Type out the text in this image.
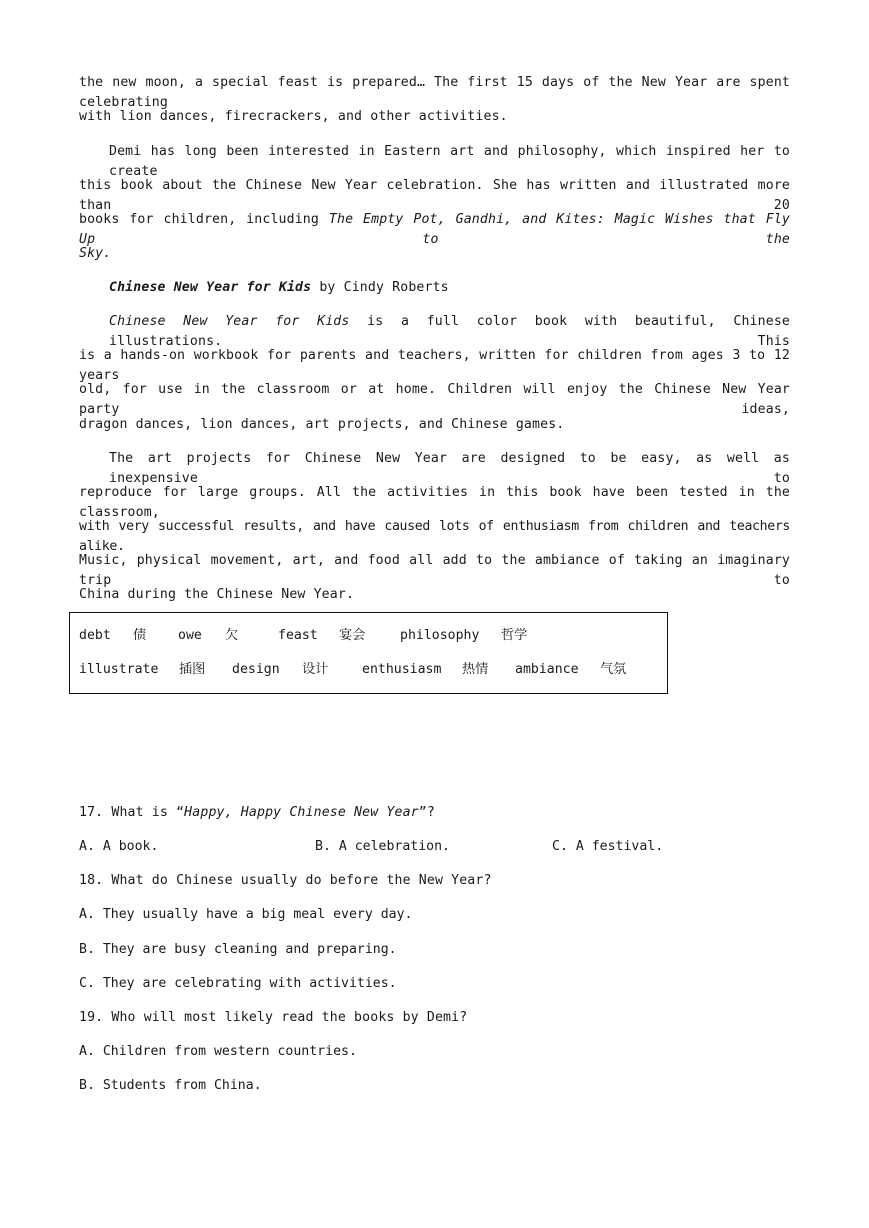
the new moon, a special feast is prepared… The first 15 days of the New Year are spent celebrating
with lion dances, firecrackers, and other activities.
Demi has long been interested in Eastern art and philosophy, which inspired her to create
this book about the Chinese New Year celebration. She has written and illustrated more than 20
books for children, including The Empty Pot, Gandhi, and Kites: Magic Wishes that Fly Up to the
Sky.
Chinese New Year for Kids by Cindy Roberts
Chinese New Year for Kids is a full color book with beautiful, Chinese illustrations. This
is a hands-on workbook for parents and teachers, written for children from ages 3 to 12 years
old, for use in the classroom or at home. Children will enjoy the Chinese New Year party ideas,
dragon dances, lion dances, art projects, and Chinese games.
The art projects for Chinese New Year are designed to be easy, as well as inexpensive to
reproduce for large groups. All the activities in this book have been tested in the classroom,
with very successful results, and have caused lots of enthusiasm from children and teachers alike.
Music, physical movement, art, and food all add to the ambiance of taking an imaginary trip to
China during the Chinese New Year.
debt 债 owe 欠	feast 宴会	philosophy 哲学
illustrate 插图 design 设计	enthusiasm 热情 ambiance 气氛
17. What is “Happy, Happy Chinese New Year”?
A. A book.	B. A celebration.	C. A festival.
18. What do Chinese usually do before the New Year?
A. They usually have a big meal every day.
B. They are busy cleaning and preparing.
C. They are celebrating with activities.
19. Who will most likely read the books by Demi?
A. Children from western countries.
B. Students from China.
